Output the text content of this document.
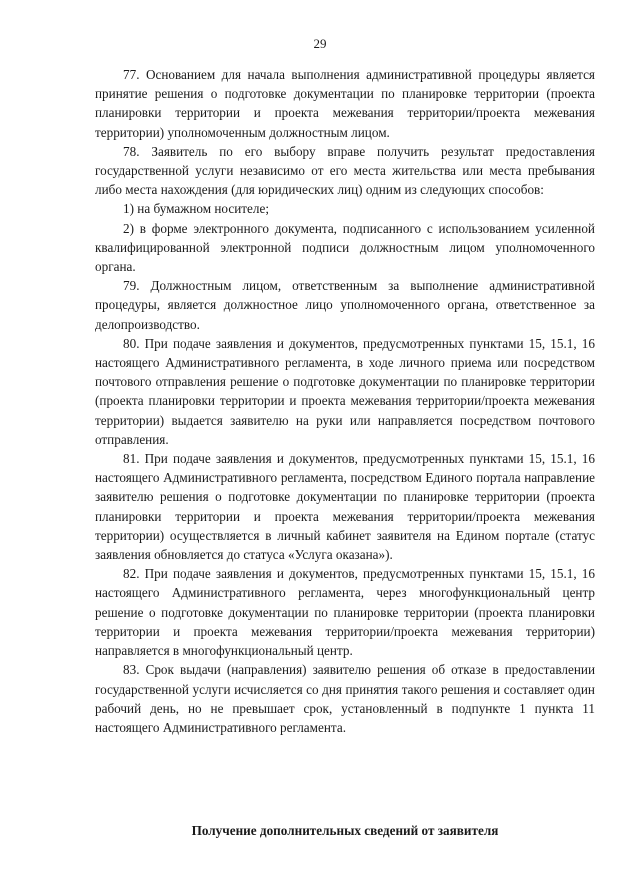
29

77. Основанием для начала выполнения административной процедуры является принятие решения о подготовке документации по планировке территории (проекта планировки территории и проекта межевания территории/проекта межевания территории) уполномоченным должностным лицом.

78. Заявитель по его выбору вправе получить результат предоставления государственной услуги независимо от его места жительства или места пребывания либо места нахождения (для юридических лиц) одним из следующих способов:

1) на бумажном носителе;

2) в форме электронного документа, подписанного с использованием усиленной квалифицированной электронной подписи должностным лицом уполномоченного органа.

79. Должностным лицом, ответственным за выполнение административной процедуры, является должностное лицо уполномоченного органа, ответственное за делопроизводство.

80. При подаче заявления и документов, предусмотренных пунктами 15, 15.1, 16 настоящего Административного регламента, в ходе личного приема или посредством почтового отправления решение о подготовке документации по планировке территории (проекта планировки территории и проекта межевания территории/проекта межевания территории) выдается заявителю на руки или направляется посредством почтового отправления.

81. При подаче заявления и документов, предусмотренных пунктами 15, 15.1, 16 настоящего Административного регламента, посредством Единого портала направление заявителю решения о подготовке документации по планировке территории (проекта планировки территории и проекта межевания территории/проекта межевания территории) осуществляется в личный кабинет заявителя на Едином портале (статус заявления обновляется до статуса «Услуга оказана»).

82. При подаче заявления и документов, предусмотренных пунктами 15, 15.1, 16 настоящего Административного регламента, через многофункциональный центр решение о подготовке документации по планировке территории (проекта планировки территории и проекта межевания территории/проекта межевания территории) направляется в многофункциональный центр.

83. Срок выдачи (направления) заявителю решения об отказе в предоставлении государственной услуги исчисляется со дня принятия такого решения и составляет один рабочий день, но не превышает срок, установленный в подпункте 1 пункта 11 настоящего Административного регламента.

Получение дополнительных сведений от заявителя
